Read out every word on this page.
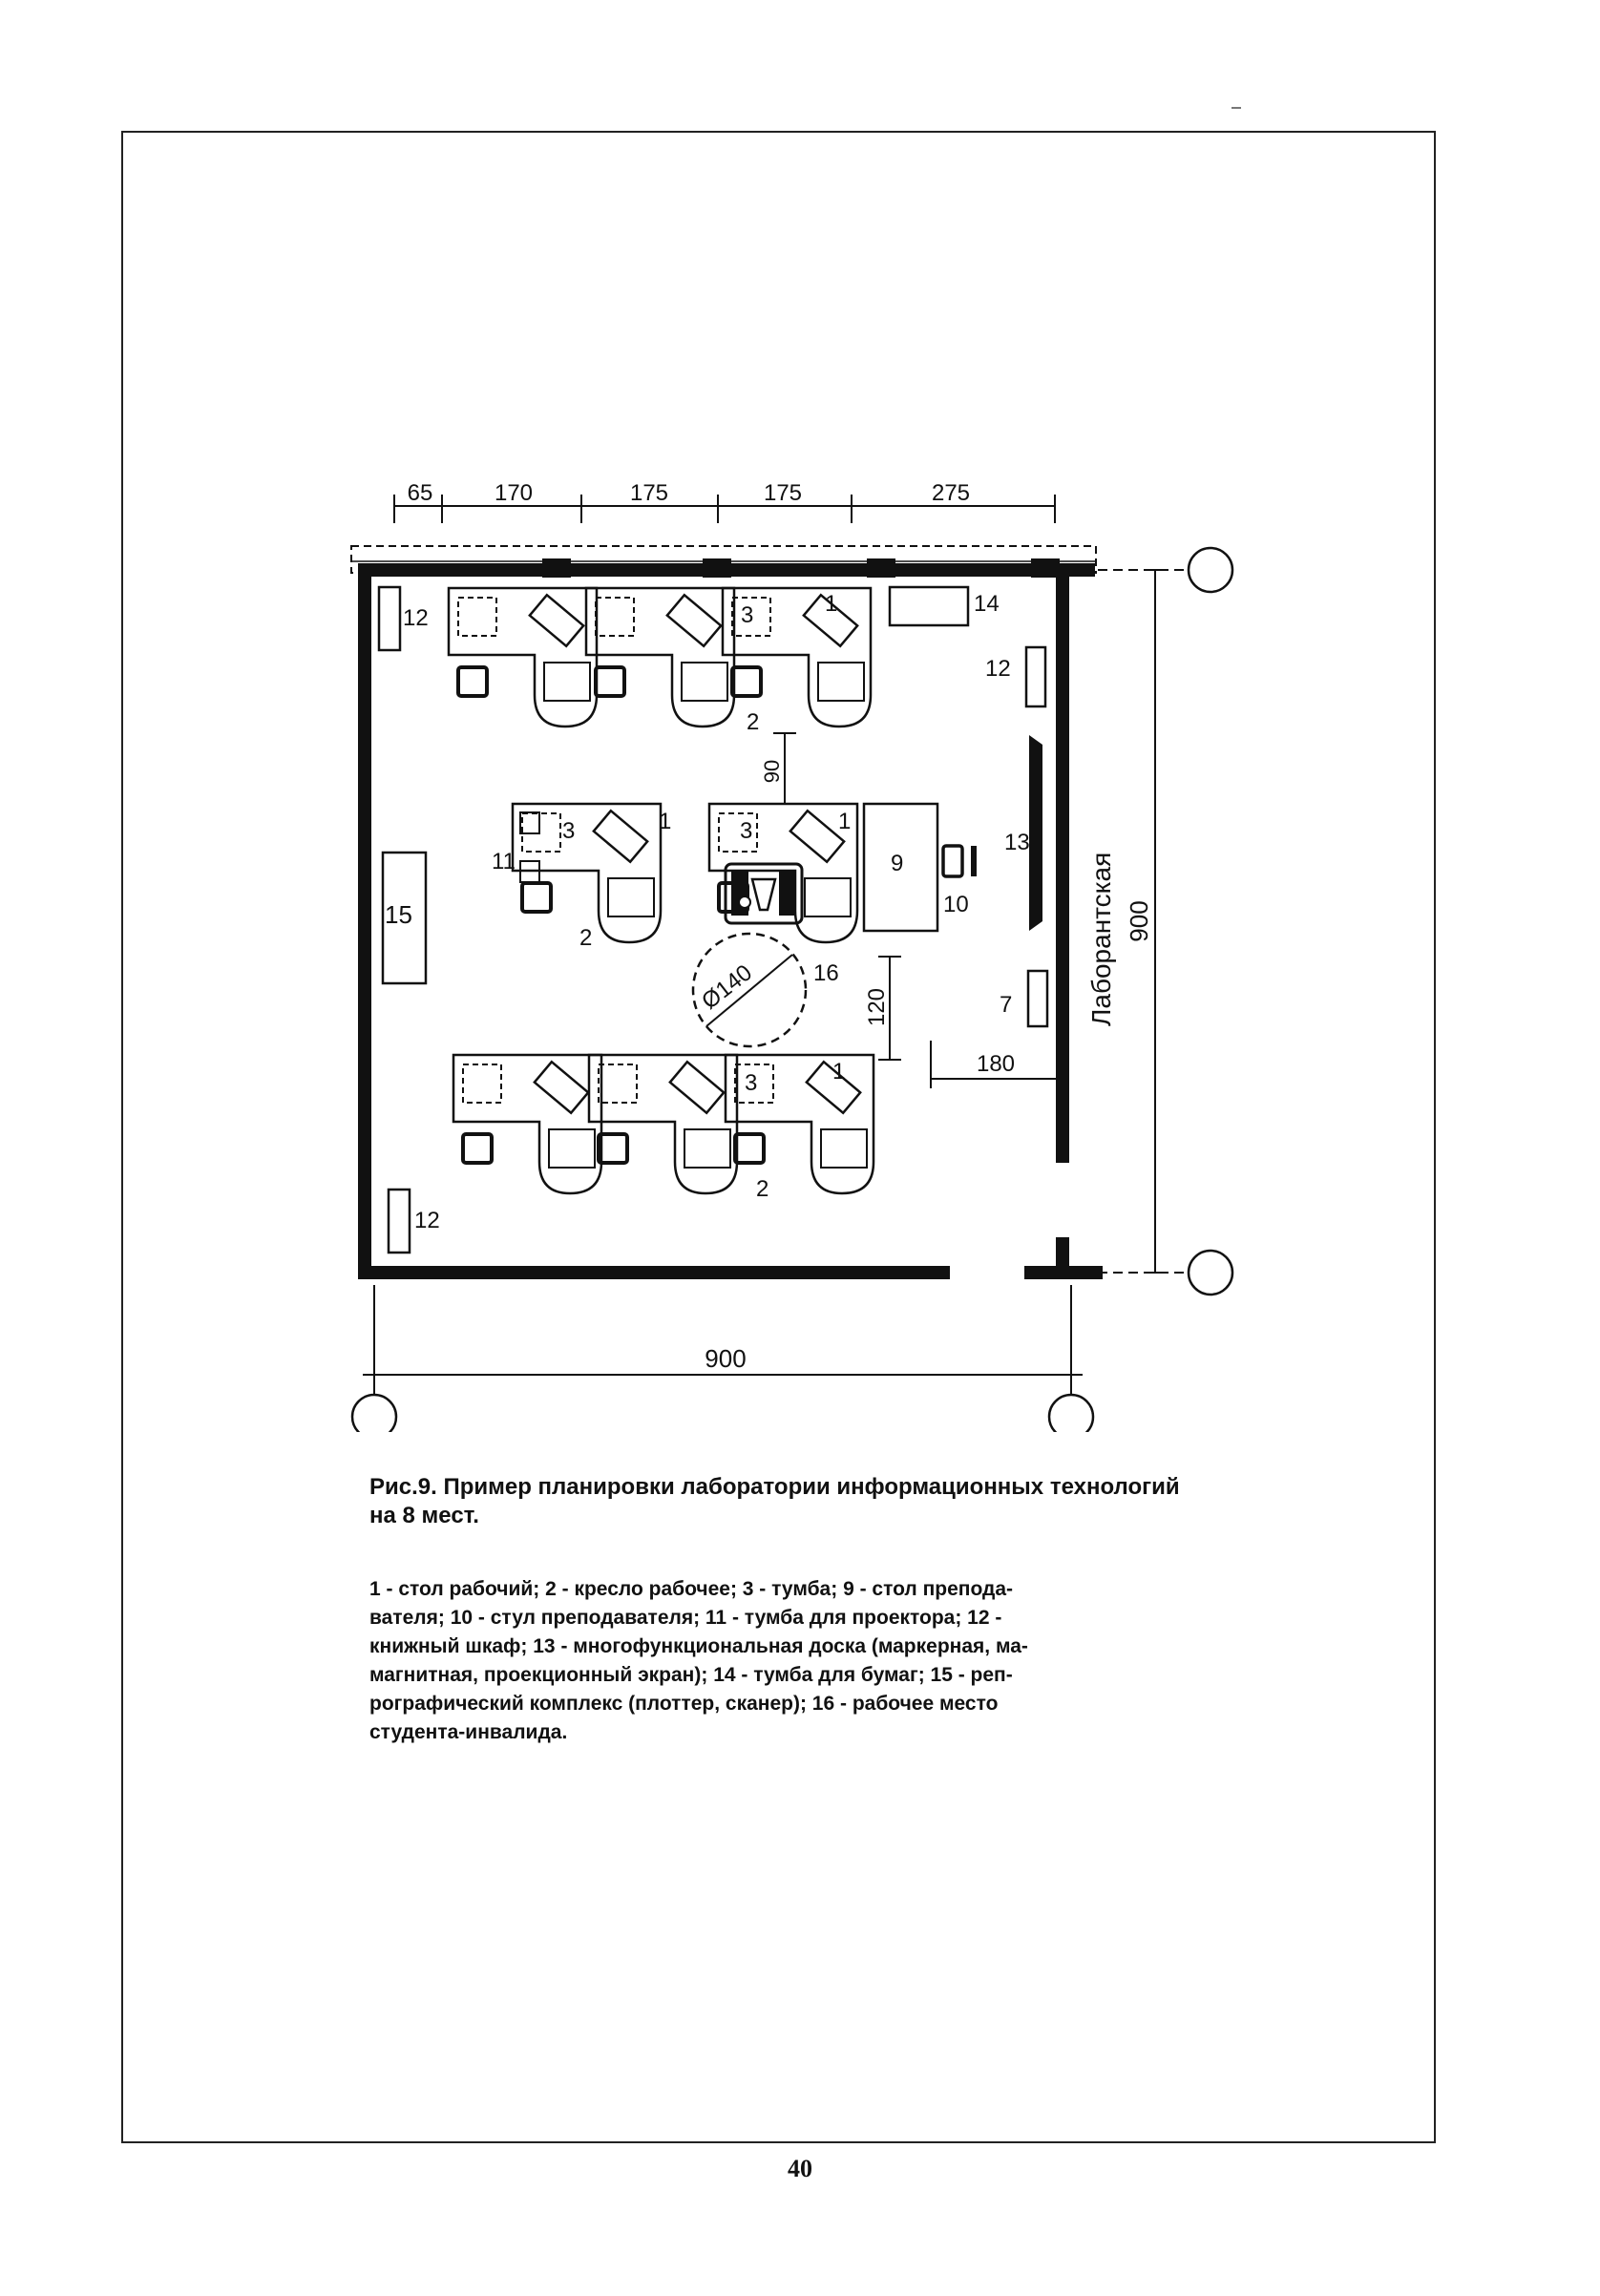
65	170	175	175	275
900
900
3	1
2
3	1	3	1
11
2
Ø140 16
9
10
90
120
180
3	1
2
12
15
12
14
12
13
7	Лаборантская
Рис.9. Пример планировки лаборатории информационных технологий на 8 мест.
1 - стол рабочий; 2 - кресло рабочее; 3 - тумба; 9 - стол препода-
вателя; 10 - стул преподавателя; 11 - тумба для проектора; 12 -
книжный шкаф; 13 - многофункциональная доска (маркерная, ма-
магнитная, проекционный экран); 14 - тумба для бумаг; 15 - реп-
рографический комплекс (плоттер, сканер); 16 - рабочее место
студента-инвалида.
40
